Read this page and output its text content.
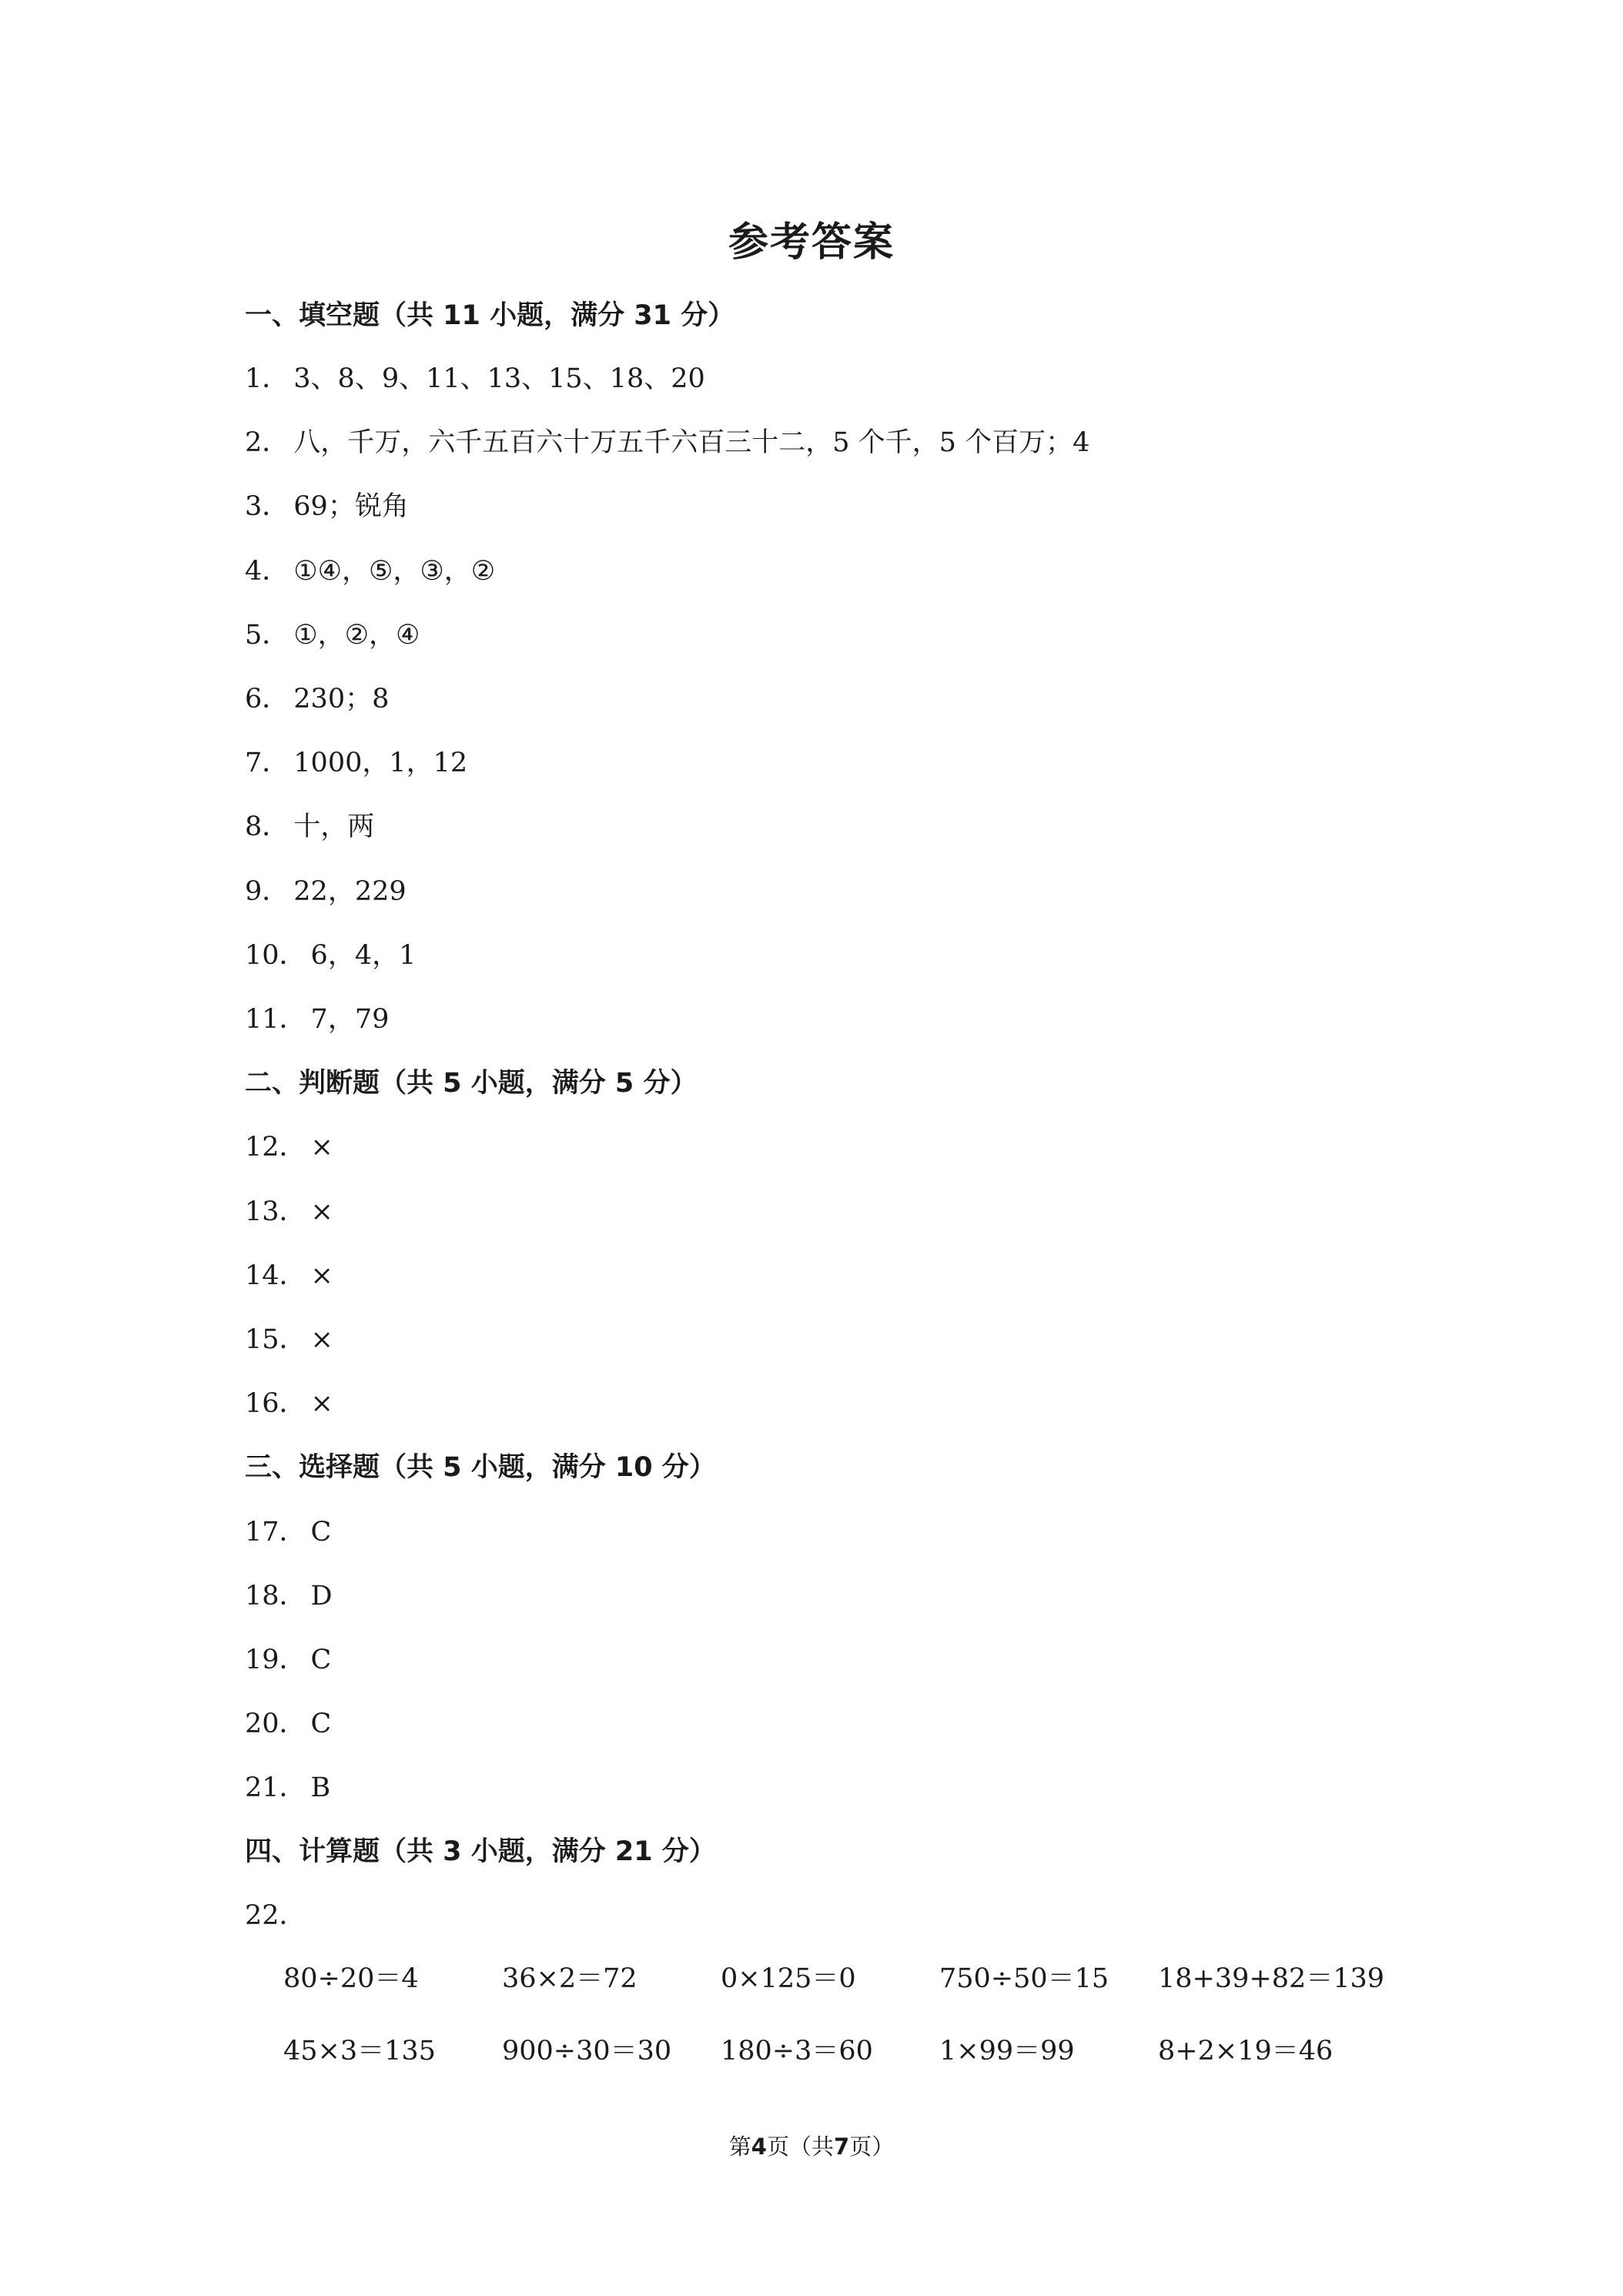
参考答案
一、填空题（共 11 小题，满分 31 分）
1． 3、8、9、11、13、15、18、20
2． 八，千万，六千五百六十万五千六百三十二，5 个千，5 个百万；4
3． 69；锐角
4． ①④，⑤，③，②
5． ①，②，④
6． 230；8
7． 1000，1，12
8． 十，两
9． 22，229
10． 6，4，1
11． 7，79
二、判断题（共 5 小题，满分 5 分）
12． ×
13． ×
14． ×
15． ×
16． ×
三、选择题（共 5 小题，满分 10 分）
17． C
18． D
19． C
20． C
21． B
四、计算题（共 3 小题，满分 21 分）
22．
80÷20＝4	36×2＝72	0×125＝0	750÷50＝15 18+39+82＝139
45×3＝135 900÷30＝30 180÷3＝60 1×99＝99	8+2×19＝46
第4页（共7页）
